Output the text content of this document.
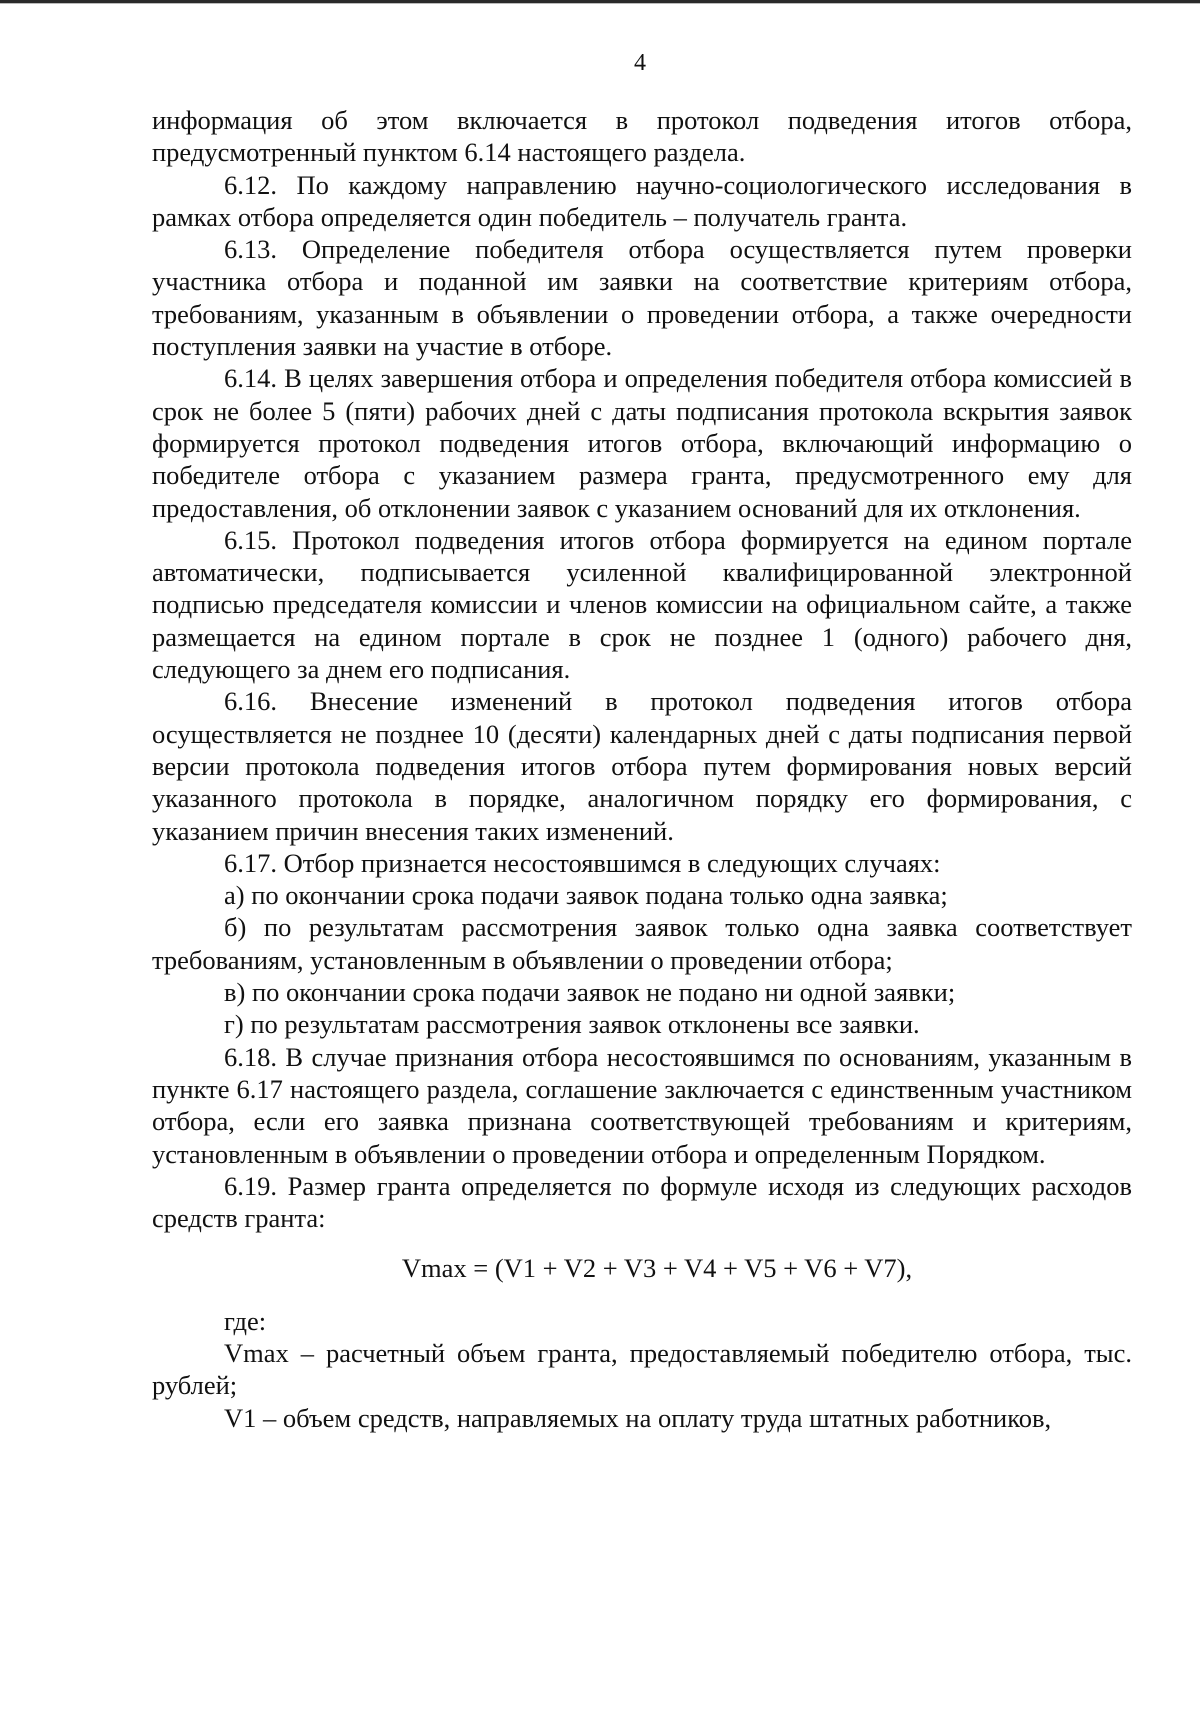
4

информация об этом включается в протокол подведения итогов отбора, предусмотренный пунктом 6.14 настоящего раздела.

6.12. По каждому направлению научно-социологического исследования в рамках отбора определяется один победитель – получатель гранта.

6.13. Определение победителя отбора осуществляется путем проверки участника отбора и поданной им заявки на соответствие критериям отбора, требованиям, указанным в объявлении о проведении отбора, а также очередности поступления заявки на участие в отборе.

6.14. В целях завершения отбора и определения победителя отбора комиссией в срок не более 5 (пяти) рабочих дней с даты подписания протокола вскрытия заявок формируется протокол подведения итогов отбора, включающий информацию о победителе отбора с указанием размера гранта, предусмотренного ему для предоставления, об отклонении заявок с указанием оснований для их отклонения.

6.15. Протокол подведения итогов отбора формируется на едином портале автоматически, подписывается усиленной квалифицированной электронной подписью председателя комиссии и членов комиссии на официальном сайте, а также размещается на едином портале в срок не позднее 1 (одного) рабочего дня, следующего за днем его подписания.

6.16. Внесение изменений в протокол подведения итогов отбора осуществляется не позднее 10 (десяти) календарных дней с даты подписания первой версии протокола подведения итогов отбора путем формирования новых версий указанного протокола в порядке, аналогичном порядку его формирования, с указанием причин внесения таких изменений.

6.17. Отбор признается несостоявшимся в следующих случаях:

а) по окончании срока подачи заявок подана только одна заявка;

б) по результатам рассмотрения заявок только одна заявка соответствует требованиям, установленным в объявлении о проведении отбора;

в) по окончании срока подачи заявок не подано ни одной заявки;

г) по результатам рассмотрения заявок отклонены все заявки.

6.18. В случае признания отбора несостоявшимся по основаниям, указанным в пункте 6.17 настоящего раздела, соглашение заключается с единственным участником отбора, если его заявка признана соответствующей требованиям и критериям, установленным в объявлении о проведении отбора и определенным Порядком.

6.19. Размер гранта определяется по формуле исходя из следующих расходов средств гранта:

Vmax = (V1 + V2 + V3 + V4 + V5 + V6 + V7),

где:

Vmax – расчетный объем гранта, предоставляемый победителю отбора, тыс. рублей;

V1 – объем средств, направляемых на оплату труда штатных работников,
